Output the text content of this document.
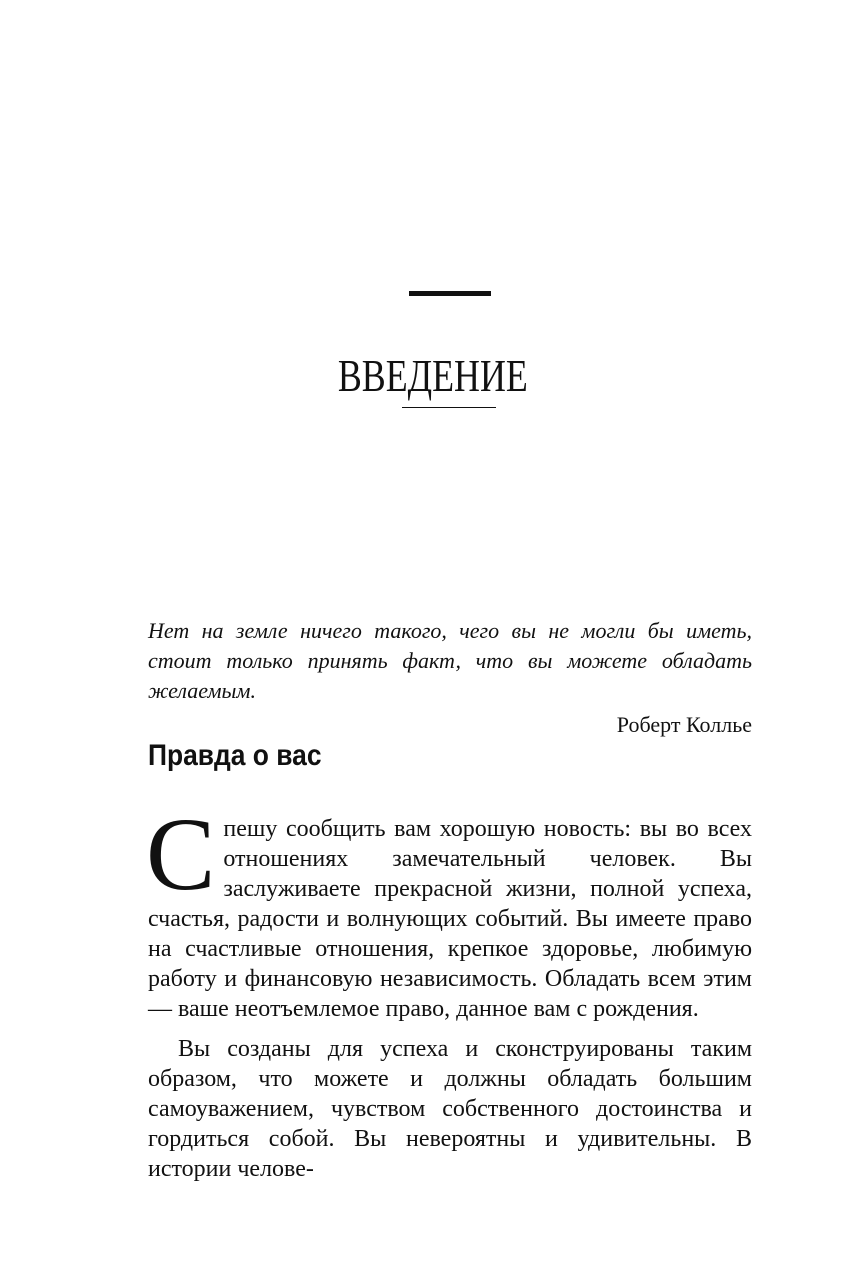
ВВЕДЕНИЕ

Нет на земле ничего такого, чего вы не могли бы иметь, стоит только принять факт, что вы можете обладать желаемым.

Роберт Коллье

Правда о вас

Спешу сообщить вам хорошую новость: вы во всех отношениях замечательный человек. Вы заслуживаете прекрасной жизни, полной успеха, счастья, радости и волнующих событий. Вы имеете право на счастливые отношения, крепкое здоровье, любимую работу и финансовую независимость. Обладать всем этим — ваше неотъемлемое право, данное вам с рождения.

Вы созданы для успеха и сконструированы таким образом, что можете и должны обладать большим самоуважением, чувством собственного достоинства и гордиться собой. Вы невероятны и удивительны. В истории челове-
